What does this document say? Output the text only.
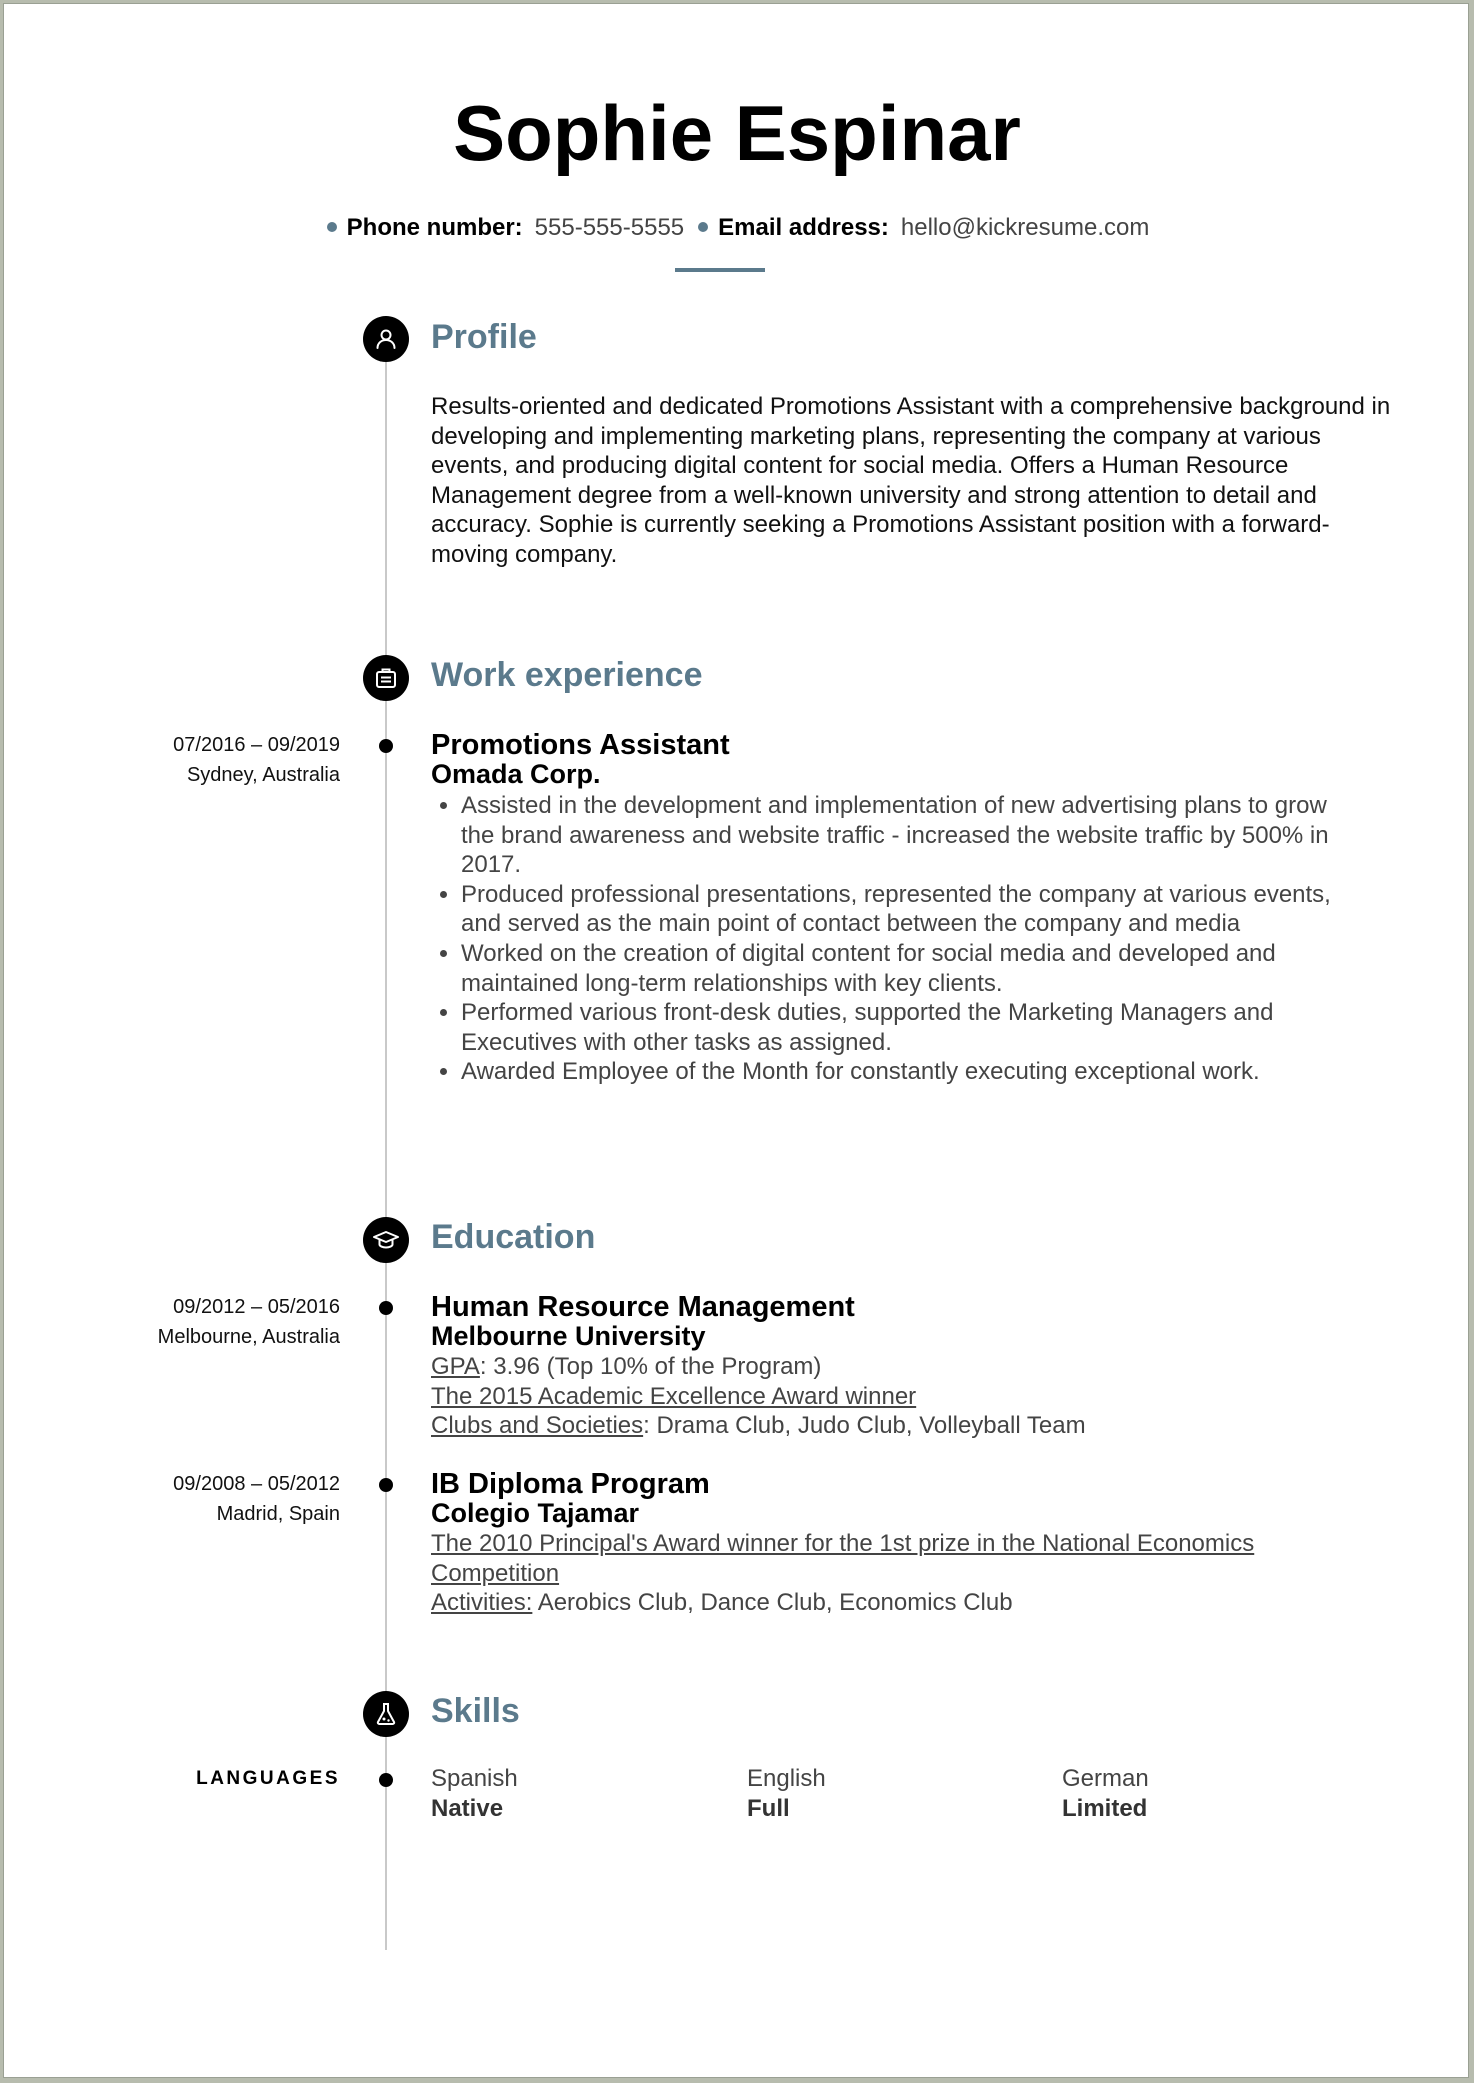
Sophie Espinar
Phone number: 555-555-5555 Email address: hello@kickresume.com
Profile

Results-oriented and dedicated Promotions Assistant with a comprehensive background in developing and implementing marketing plans, representing the company at various events, and producing digital content for social media. Offers a Human Resource Management degree from a well-known university and strong attention to detail and accuracy. Sophie is currently seeking a Promotions Assistant position with a forward-moving company.

Work experience
07/2016 – 09/2019
Sydney, Australia
Promotions Assistant
Omada Corp.
• Assisted in the development and implementation of new advertising plans to grow the brand awareness and website traffic - increased the website traffic by 500% in 2017.
• Produced professional presentations, represented the company at various events, and served as the main point of contact between the company and media
• Worked on the creation of digital content for social media and developed and maintained long-term relationships with key clients.
• Performed various front-desk duties, supported the Marketing Managers and Executives with other tasks as assigned.
• Awarded Employee of the Month for constantly executing exceptional work.
Education
09/2012 – 05/2016
Melbourne, Australia
Human Resource Management
Melbourne University
GPA: 3.96 (Top 10% of the Program)
The 2015 Academic Excellence Award winner
Clubs and Societies: Drama Club, Judo Club, Volleyball Team
09/2008 – 05/2012
Madrid, Spain
IB Diploma Program
Colegio Tajamar
The 2010 Principal's Award winner for the 1st prize in the National Economics Competition
Activities: Aerobics Club, Dance Club, Economics Club
Skills
LANGUAGES	Spanish
Native
English
Full
German
Limited
